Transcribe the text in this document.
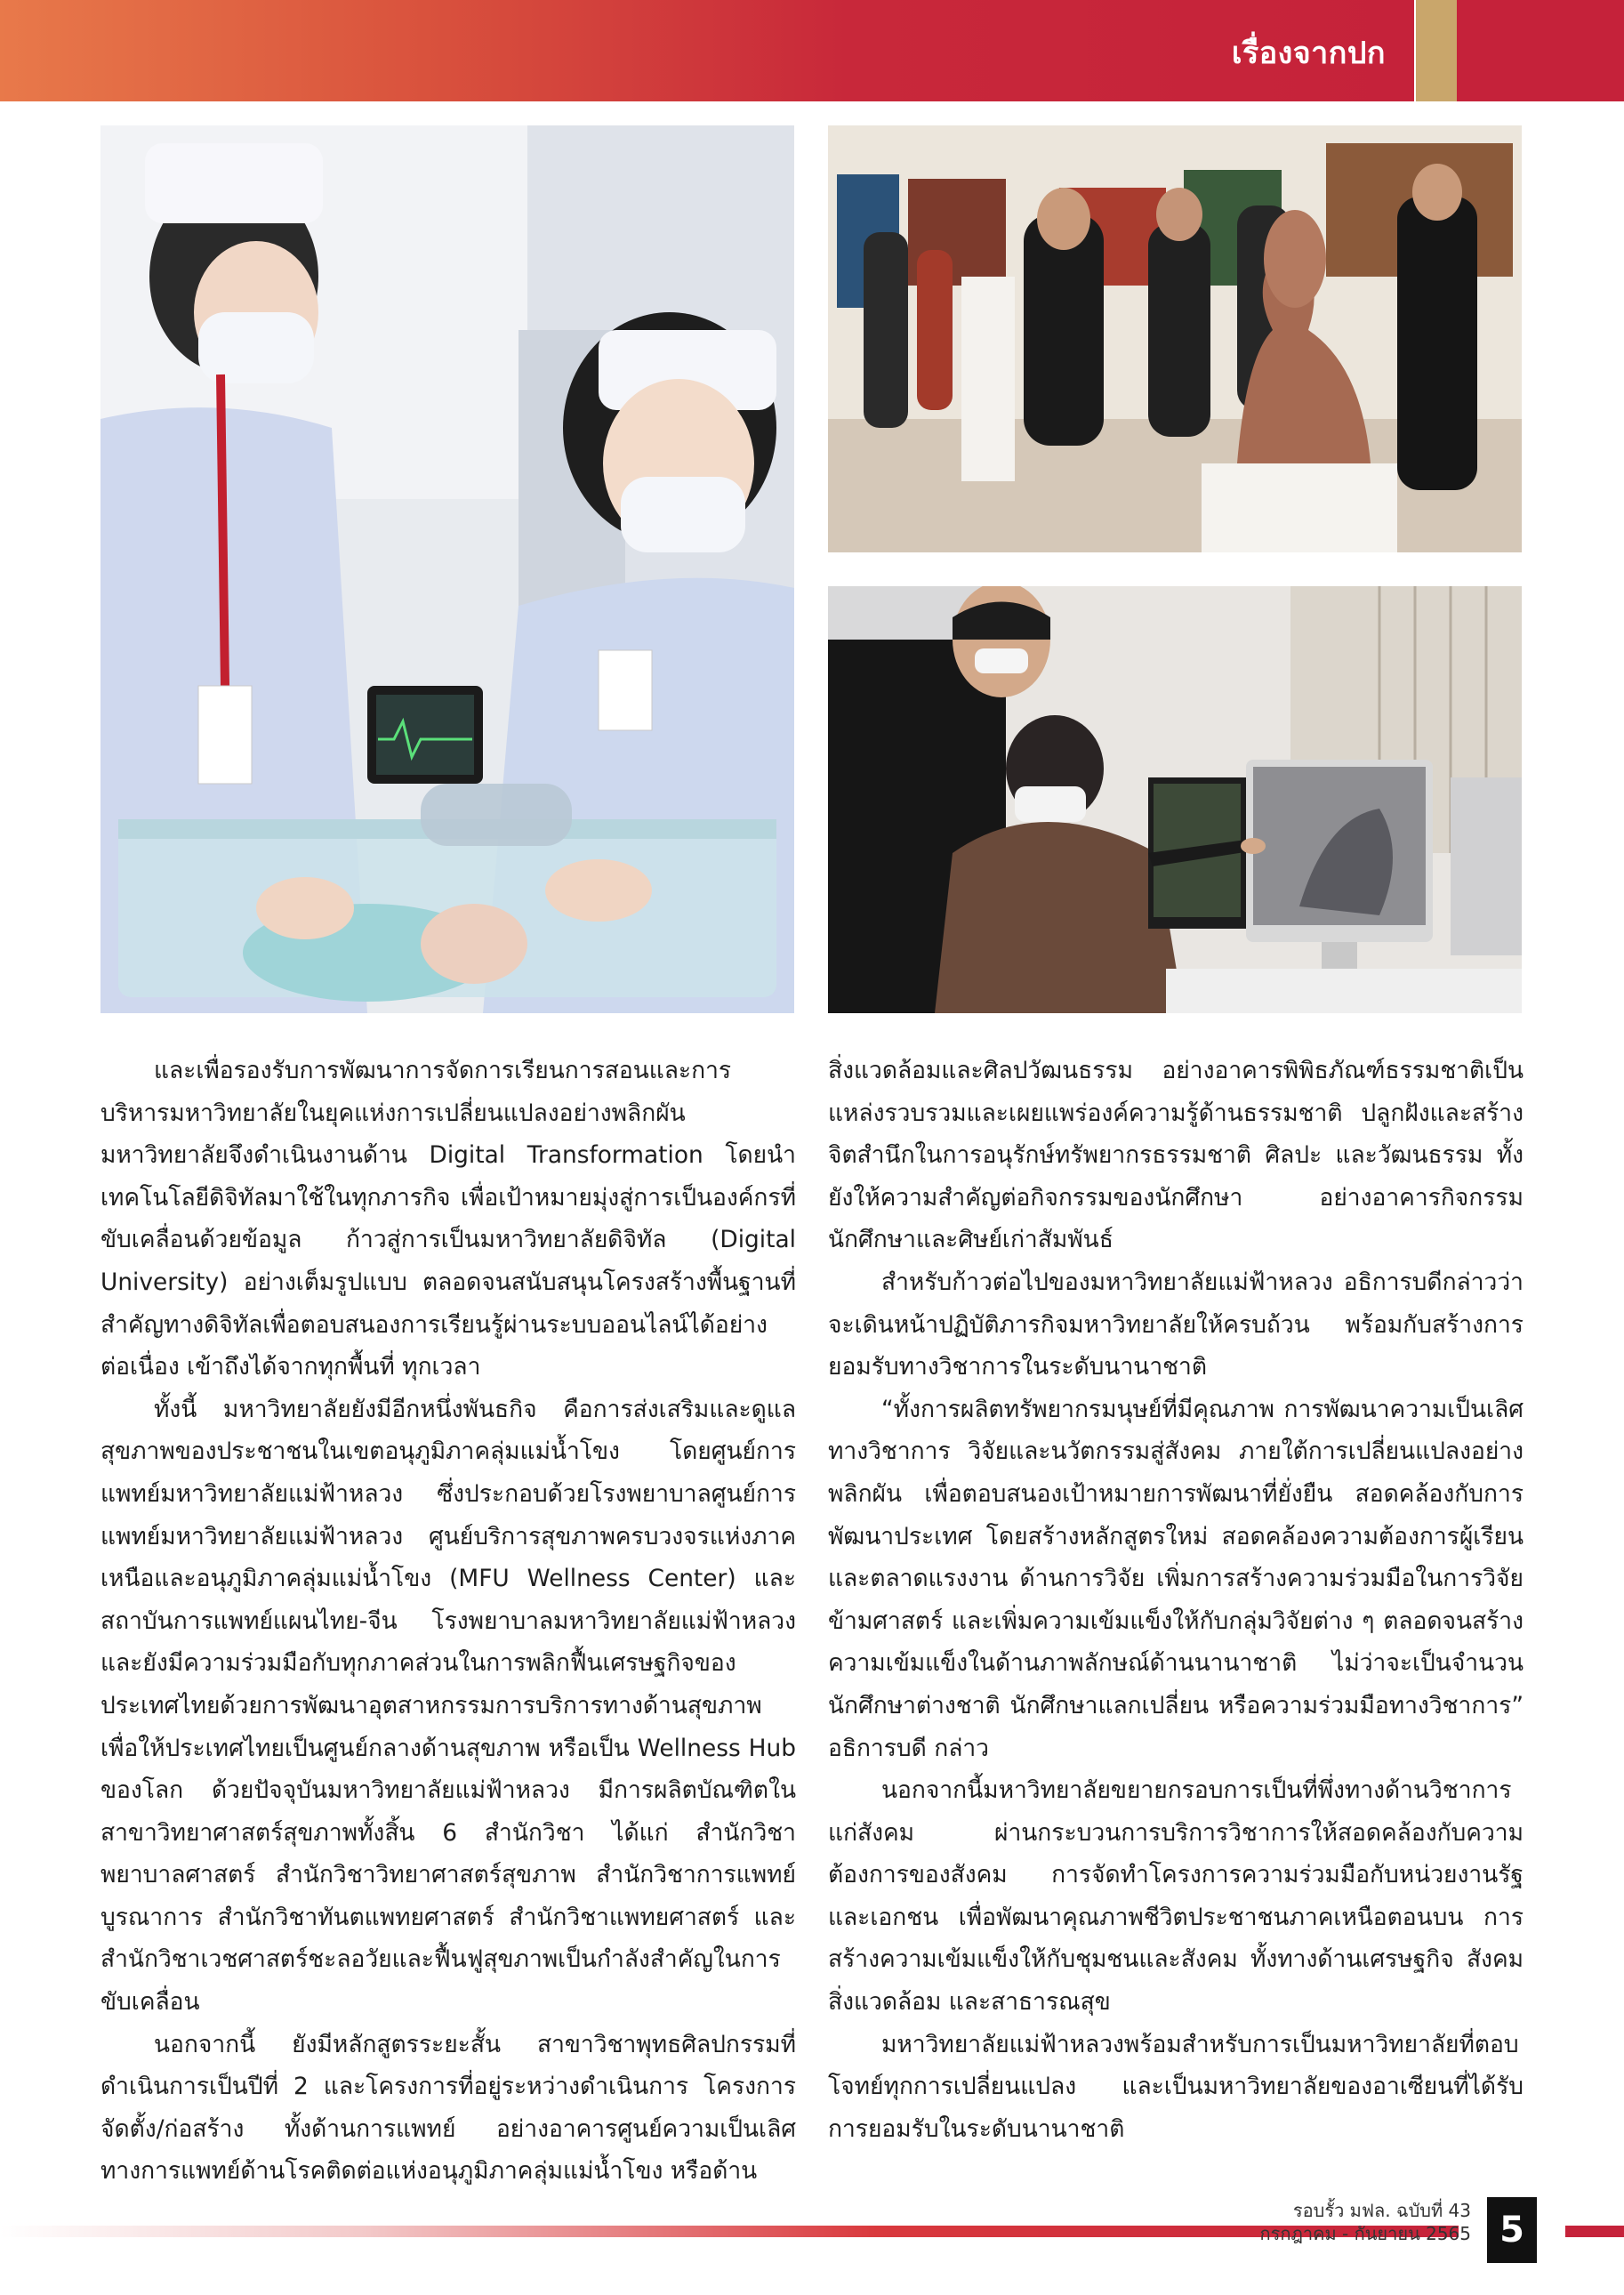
เรื่องจากปก

และเพื่อรองรับการพัฒนาการจัดการเรียนการสอนและการบริหารมหาวิทยาลัยในยุคแห่งการเปลี่ยนแปลงอย่างพลิกผัน มหาวิทยาลัยจึงดำเนินงานด้าน Digital Transformation โดยนำเทคโนโลยีดิจิทัลมาใช้ในทุกภารกิจ เพื่อเป้าหมายมุ่งสู่การเป็นองค์กรที่ขับเคลื่อนด้วยข้อมูล ก้าวสู่การเป็นมหาวิทยาลัยดิจิทัล (Digital University) อย่างเต็มรูปแบบ ตลอดจนสนับสนุนโครงสร้างพื้นฐานที่สำคัญทางดิจิทัลเพื่อตอบสนองการเรียนรู้ผ่านระบบออนไลน์ได้อย่างต่อเนื่อง เข้าถึงได้จากทุกพื้นที่ ทุกเวลา

ทั้งนี้ มหาวิทยาลัยยังมีอีกหนึ่งพันธกิจ คือการส่งเสริมและดูแลสุขภาพของประชาชนในเขตอนุภูมิภาคลุ่มแม่น้ำโขง โดยศูนย์การแพทย์มหาวิทยาลัยแม่ฟ้าหลวง ซึ่งประกอบด้วยโรงพยาบาลศูนย์การแพทย์มหาวิทยาลัยแม่ฟ้าหลวง ศูนย์บริการสุขภาพครบวงจรแห่งภาคเหนือและอนุภูมิภาคลุ่มแม่น้ำโขง (MFU Wellness Center) และ สถาบันการแพทย์แผนไทย-จีน โรงพยาบาลมหาวิทยาลัยแม่ฟ้าหลวง และยังมีความร่วมมือกับทุกภาคส่วนในการพลิกฟื้นเศรษฐกิจของประเทศไทยด้วยการพัฒนาอุตสาหกรรมการบริการทางด้านสุขภาพ เพื่อให้ประเทศไทยเป็นศูนย์กลางด้านสุขภาพ หรือเป็น Wellness Hub ของโลก ด้วยปัจจุบันมหาวิทยาลัยแม่ฟ้าหลวง มีการผลิตบัณฑิตในสาขาวิทยาศาสตร์สุขภาพทั้งสิ้น 6 สำนักวิชา ได้แก่ สำนักวิชาพยาบาลศาสตร์ สำนักวิชาวิทยาศาสตร์สุขภาพ สำนักวิชาการแพทย์บูรณาการ สำนักวิชาทันตแพทยศาสตร์ สำนักวิชาแพทยศาสตร์ และสำนักวิชาเวชศาสตร์ชะลอวัยและฟื้นฟูสุขภาพเป็นกำลังสำคัญในการขับเคลื่อน

นอกจากนี้ ยังมีหลักสูตรระยะสั้น สาขาวิชาพุทธศิลปกรรมที่ดำเนินการเป็นปีที่ 2 และโครงการที่อยู่ระหว่างดำเนินการ โครงการจัดตั้ง/ก่อสร้าง ทั้งด้านการแพทย์ อย่างอาคารศูนย์ความเป็นเลิศทางการแพทย์ด้านโรคติดต่อแห่งอนุภูมิภาคลุ่มแม่น้ำโขง หรือด้าน

สิ่งแวดล้อมและศิลปวัฒนธรรม อย่างอาคารพิพิธภัณฑ์ธรรมชาติเป็นแหล่งรวบรวมและเผยแพร่องค์ความรู้ด้านธรรมชาติ ปลูกฝังและสร้างจิตสำนึกในการอนุรักษ์ทรัพยากรธรรมชาติ ศิลปะ และวัฒนธรรม ทั้งยังให้ความสำคัญต่อกิจกรรมของนักศึกษา อย่างอาคารกิจกรรมนักศึกษาและศิษย์เก่าสัมพันธ์

สำหรับก้าวต่อไปของมหาวิทยาลัยแม่ฟ้าหลวง อธิการบดีกล่าวว่า จะเดินหน้าปฏิบัติภารกิจมหาวิทยาลัยให้ครบถ้วน พร้อมกับสร้างการยอมรับทางวิชาการในระดับนานาชาติ

“ทั้งการผลิตทรัพยากรมนุษย์ที่มีคุณภาพ การพัฒนาความเป็นเลิศทางวิชาการ วิจัยและนวัตกรรมสู่สังคม ภายใต้การเปลี่ยนแปลงอย่างพลิกผัน เพื่อตอบสนองเป้าหมายการพัฒนาที่ยั่งยืน สอดคล้องกับการพัฒนาประเทศ โดยสร้างหลักสูตรใหม่ สอดคล้องความต้องการผู้เรียนและตลาดแรงงาน ด้านการวิจัย เพิ่มการสร้างความร่วมมือในการวิจัยข้ามศาสตร์ และเพิ่มความเข้มแข็งให้กับกลุ่มวิจัยต่าง ๆ ตลอดจนสร้างความเข้มแข็งในด้านภาพลักษณ์ด้านนานาชาติ ไม่ว่าจะเป็นจำนวนนักศึกษาต่างชาติ นักศึกษาแลกเปลี่ยน หรือความร่วมมือทางวิชาการ” อธิการบดี กล่าว

นอกจากนี้มหาวิทยาลัยขยายกรอบการเป็นที่พึ่งทางด้านวิชาการแก่สังคม ผ่านกระบวนการบริการวิชาการให้สอดคล้องกับความต้องการของสังคม การจัดทำโครงการความร่วมมือกับหน่วยงานรัฐและเอกชน เพื่อพัฒนาคุณภาพชีวิตประชาชนภาคเหนือตอนบน การสร้างความเข้มแข็งให้กับชุมชนและสังคม ทั้งทางด้านเศรษฐกิจ สังคม สิ่งแวดล้อม และสาธารณสุข

มหาวิทยาลัยแม่ฟ้าหลวงพร้อมสำหรับการเป็นมหาวิทยาลัยที่ตอบโจทย์ทุกการเปลี่ยนแปลง และเป็นมหาวิทยาลัยของอาเซียนที่ได้รับการยอมรับในระดับนานาชาติ

รอบรั้ว มฟล. ฉบับที่ 43
กรกฎาคม - กันยายน 2565 5
